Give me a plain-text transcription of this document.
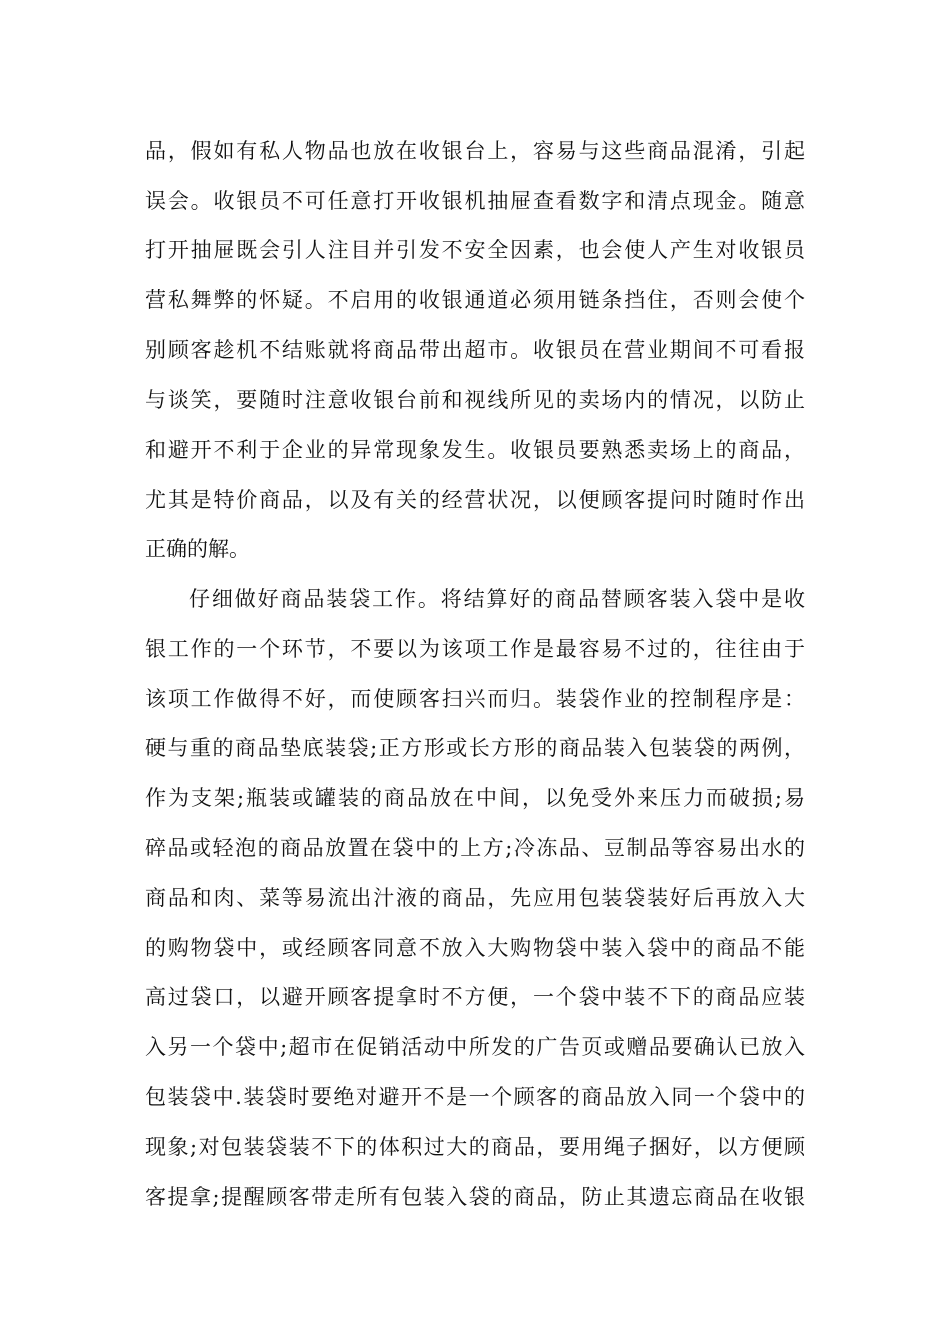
品，假如有私人物品也放在收银台上，容易与这些商品混淆，引起
误会。收银员不可任意打开收银机抽屉查看数字和清点现金。随意
打开抽屉既会引人注目并引发不安全因素，也会使人产生对收银员
营私舞弊的怀疑。不启用的收银通道必须用链条挡住，否则会使个
别顾客趁机不结账就将商品带出超市。收银员在营业期间不可看报
与谈笑，要随时注意收银台前和视线所见的卖场内的情况，以防止
和避开不利于企业的异常现象发生。收银员要熟悉卖场上的商品，
尤其是特价商品，以及有关的经营状况，以便顾客提问时随时作出
正确的解。
仔细做好商品装袋工作。将结算好的商品替顾客装入袋中是收
银工作的一个环节，不要以为该项工作是最容易不过的，往往由于
该项工作做得不好，而使顾客扫兴而归。装袋作业的控制程序是：
硬与重的商品垫底装袋;正方形或长方形的商品装入包装袋的两例，
作为支架;瓶装或罐装的商品放在中间，以免受外来压力而破损;易
碎品或轻泡的商品放置在袋中的上方;冷冻品、豆制品等容易出水的
商品和肉、菜等易流出汁液的商品，先应用包装袋装好后再放入大
的购物袋中，或经顾客同意不放入大购物袋中装入袋中的商品不能
高过袋口，以避开顾客提拿时不方便，一个袋中装不下的商品应装
入另一个袋中;超市在促销活动中所发的广告页或赠品要确认已放入
包装袋中.装袋时要绝对避开不是一个顾客的商品放入同一个袋中的
现象;对包装袋装不下的体积过大的商品，要用绳子捆好，以方便顾
客提拿;提醒顾客带走所有包装入袋的商品，防止其遗忘商品在收银
